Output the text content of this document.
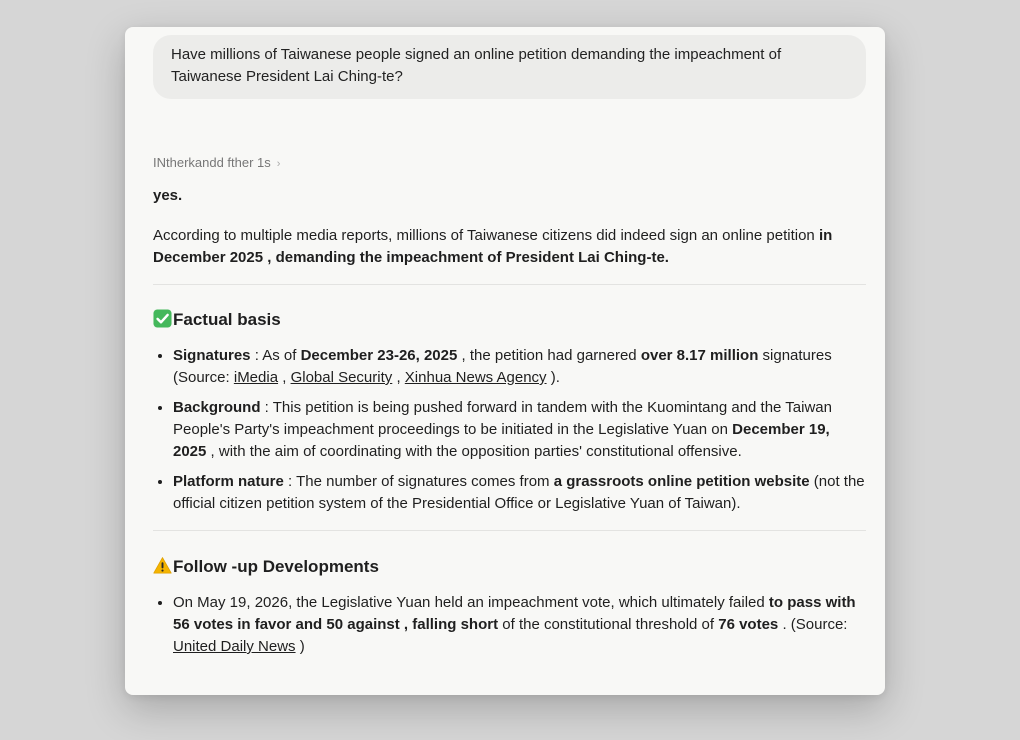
Have millions of Taiwanese people signed an online petition demanding the impeachment of Taiwanese President Lai Ching-te?
INtherkandd fther 1s ›

yes.

According to multiple media reports, millions of Taiwanese citizens did indeed sign an online petition in December 2025 , demanding the impeachment of President Lai Ching-te.

Factual basis
• Signatures : As of December 23-26, 2025 , the petition had garnered over 8.17 million signatures (Source: iMedia , Global Security , Xinhua News Agency ).
• Background : This petition is being pushed forward in tandem with the Kuomintang and the Taiwan People's Party's impeachment proceedings to be initiated in the Legislative Yuan on December 19, 2025 , with the aim of coordinating with the opposition parties' constitutional offensive.
• Platform nature : The number of signatures comes from a grassroots online petition website (not the official citizen petition system of the Presidential Office or Legislative Yuan of Taiwan).
Follow -up Developments
• On May 19, 2026, the Legislative Yuan held an impeachment vote, which ultimately failed to pass with 56 votes in favor and 50 against , falling short of the constitutional threshold of 76 votes . (Source: United Daily News )
